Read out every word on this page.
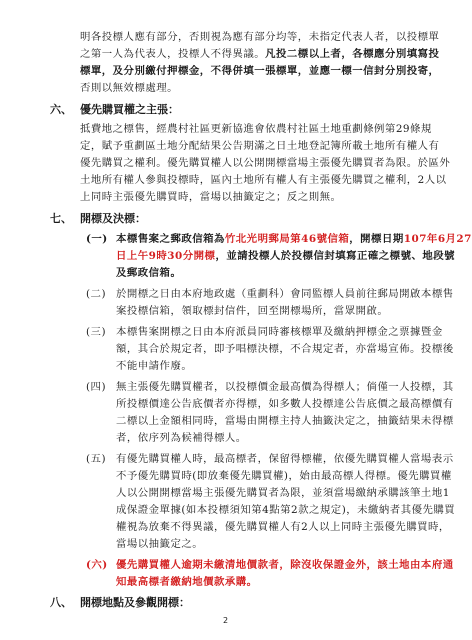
明各投標人應有部分，否則視為應有部分均等，未指定代表人者，以投標單
之第一人為代表人，投標人不得異議。凡投二標以上者，各標應分別填寫投
標單，及分別繳付押標金，不得併填一張標單，並應一標一信封分別投寄，
否則以無效標處理。
六、 優先購買權之主張：
抵費地之標售，經農村社區更新協進會依農村社區土地重劃條例第29條規
定，賦予重劃區土地分配結果公告期滿之日土地登記簿所載土地所有權人有
優先購買之權利。優先購買權人以公開開標當場主張優先購買者為限。於區外
土地所有權人參與投標時，區內土地所有權人有主張優先購買之權利，2人以
上同時主張優先購買時，當場以抽籤定之；反之則無。
七、 開標及決標：
(一) 本標售案之郵政信箱為竹北光明郵局第46號信箱，開標日期107年6月27
日上午9時30分開標，並請投標人於投標信封填寫正確之標號、地段號
及郵政信箱。
(二) 於開標之日由本府地政處（重劃科）會同監標人員前往郵局開啟本標售
案投標信箱，領取標封信件，回至開標場所，當眾開啟。
(三) 本標售案開標之日由本府派員同時審核標單及繳納押標金之票據暨金
額，其合於規定者，即予唱標決標，不合規定者，亦當場宣佈。投標後
不能申請作廢。
(四) 無主張優先購買權者，以投標價金最高價為得標人；倘僅一人投標，其
所投標價達公告底價者亦得標，如多數人投標達公告底價之最高標價有
二標以上金額相同時，當場由開標主持人抽籤決定之，抽籤結果未得標
者，依序列為候補得標人。
(五) 有優先購買權人時，最高標者，保留得標權，依優先購買權人當場表示
不予優先購買時(即放棄優先購買權)，始由最高標人得標。優先購買權
人以公開開標當場主張優先購買者為限，並須當場繳納承購該筆土地1
成保證金單據(如本投標須知第4點第2款之規定)，未繳納者其優先購買
權視為放棄不得異議，優先購買權人有2人以上同時主張優先購買時，
當場以抽籤定之。
(六) 優先購買權人逾期未繳清地價款者，除沒收保證金外，該土地由本府通
知最高標者繳納地價款承購。
八、 開標地點及參觀開標：
2
